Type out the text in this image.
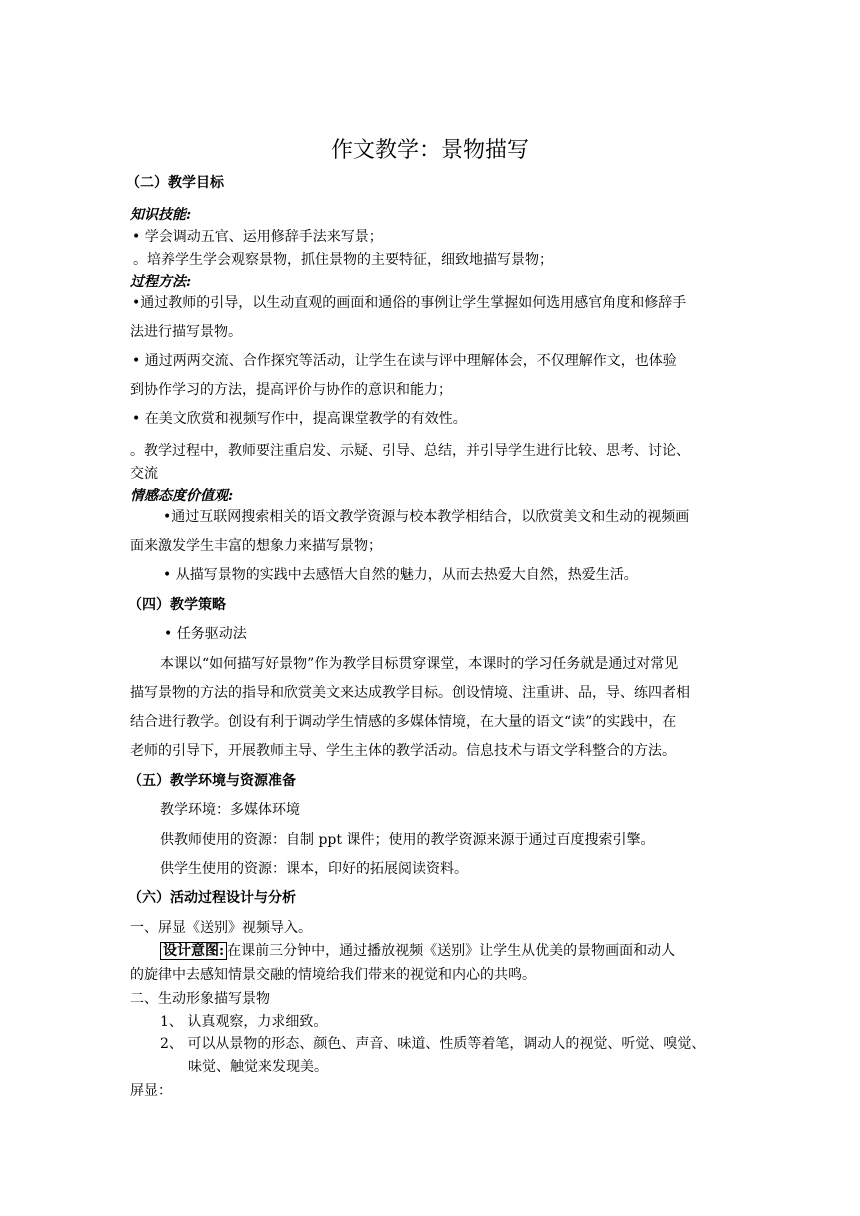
作文教学：景物描写
（二）教学目标
知识技能:
• 学会调动五官、运用修辞手法来写景；
。培养学生学会观察景物，抓住景物的主要特征，细致地描写景物；
过程方法:
•通过教师的引导，以生动直观的画面和通俗的事例让学生掌握如何选用感官角度和修辞手
法进行描写景物。
• 通过两两交流、合作探究等活动，让学生在读与评中理解体会，不仅理解作文，也体验
到协作学习的方法，提高评价与协作的意识和能力；
• 在美文欣赏和视频写作中，提高课堂教学的有效性。
。教学过程中，教师要注重启发、示疑、引导、总结，并引导学生进行比较、思考、讨论、
交流
情感态度价值观:
•通过互联网搜索相关的语文教学资源与校本教学相结合，以欣赏美文和生动的视频画
面来激发学生丰富的想象力来描写景物；
• 从描写景物的实践中去感悟大自然的魅力，从而去热爱大自然，热爱生活。
（四）教学策略
• 任务驱动法
本课以“如何描写好景物”作为教学目标贯穿课堂，本课时的学习任务就是通过对常见
描写景物的方法的指导和欣赏美文来达成教学目标。创设情境、注重讲、品，导、练四者相
结合进行教学。创设有利于调动学生情感的多媒体情境，在大量的语文“读”的实践中，在
老师的引导下，开展教师主导、学生主体的教学活动。信息技术与语文学科整合的方法。
（五）教学环境与资源准备
教学环境：多媒体环境
供教师使用的资源：自制 ppt 课件；使用的教学资源来源于通过百度搜索引擎。
供学生使用的资源：课本，印好的拓展阅读资料。
（六）活动过程设计与分析
一、屏显《送别》视频导入。
设计意图: 在课前三分钟中，通过播放视频《送别》让学生从优美的景物画面和动人
的旋律中去感知情景交融的情境给我们带来的视觉和内心的共鸣。
二、生动形象描写景物
1、 认真观察，力求细致。
2、 可以从景物的形态、颜色、声音、味道、性质等着笔，调动人的视觉、听觉、嗅觉、
味觉、触觉来发现美。
屏显：
